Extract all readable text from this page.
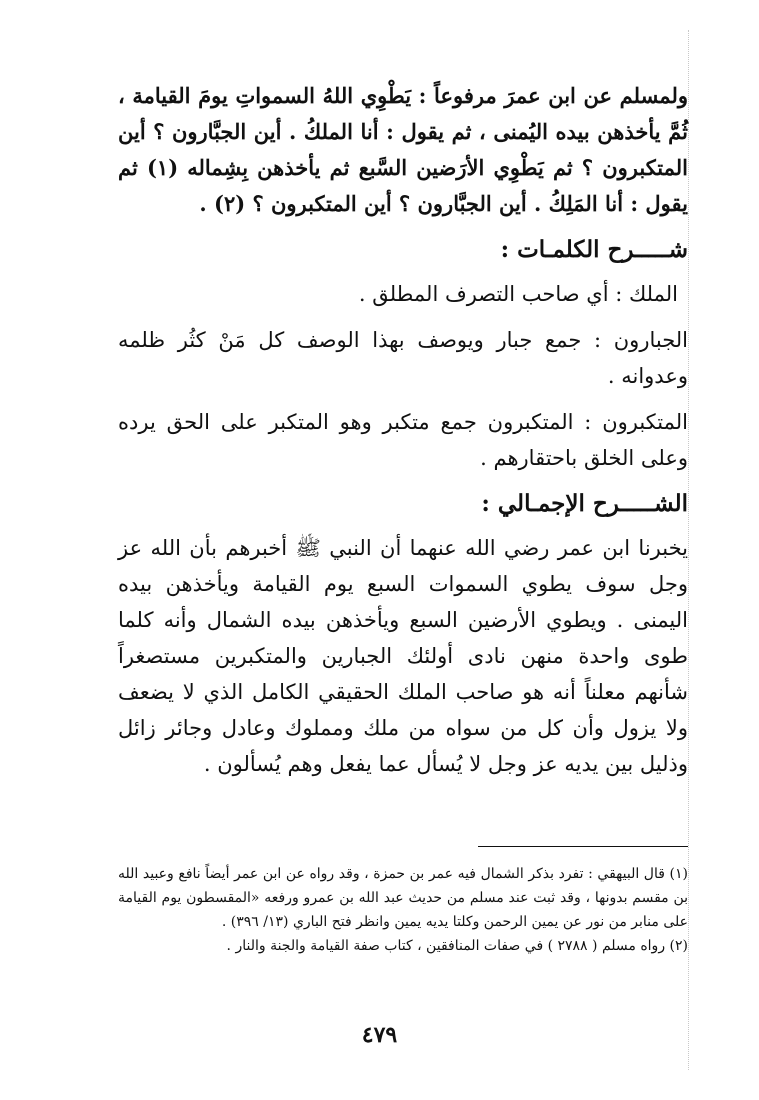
ولمسلم عن ابن عمرَ مرفوعاً : يَطْوِي اللهُ السمواتِ يومَ القيامة ، ثُمَّ يأخذهن بيده اليُمنى ، ثم يقول : أنا الملكُ . أين الجبَّارون ؟ أين المتكبرون ؟ ثم يَطْوِي الأرَضين السَّبع ثم يأخذهن بِشِماله (١) ثم يقول : أنا المَلِكُ . أين الجبَّارون ؟ أين المتكبرون ؟ (٢) .

شـــــرح الكلمـات :

الملك : أي صاحب التصرف المطلق .

الجبارون : جمع جبار ويوصف بهذا الوصف كل مَنْ كثُر ظلمه وعدوانه .

المتكبرون : المتكبرون جمع متكبر وهو المتكبر على الحق يرده وعلى الخلق باحتقارهم .

الشـــــرح الإجمـالي :

يخبرنا ابن عمر رضي الله عنهما أن النبي ﷺ أخبرهم بأن الله عز وجل سوف يطوي السموات السبع يوم القيامة ويأخذهن بيده اليمنى . ويطوي الأرضين السبع ويأخذهن بيده الشمال وأنه كلما طوى واحدة منهن نادى أولئك الجبارين والمتكبرين مستصغراً شأنهم معلناً أنه هو صاحب الملك الحقيقي الكامل الذي لا يضعف ولا يزول وأن كل من سواه من ملك ومملوك وعادل وجائر زائل وذليل بين يديه عز وجل لا يُسأل عما يفعل وهم يُسألون .

(١) قال البيهقي : تفرد بذكر الشمال فيه عمر بن حمزة ، وقد رواه عن ابن عمر أيضاً نافع وعبيد الله بن مقسم بدونها ، وقد ثبت عند مسلم من حديث عبد الله بن عمرو ورفعه «المقسطون يوم القيامة على منابر من نور عن يمين الرحمن وكلتا يديه يمين وانظر فتح الباري (١٣/ ٣٩٦) .

(٢) رواه مسلم ( ٢٧٨٨ ) في صفات المنافقين ، كتاب صفة القيامة والجنة والنار .

٤٧٩
